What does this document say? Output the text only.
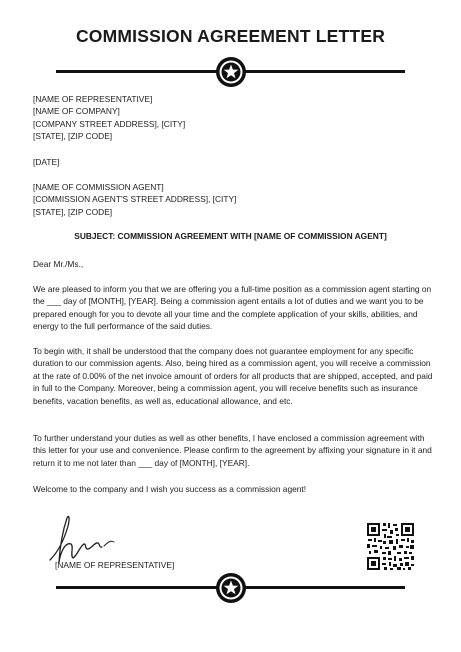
COMMISSION AGREEMENT LETTER

[NAME OF REPRESENTATIVE]

[NAME OF COMPANY]

[COMPANY STREET ADDRESS], [CITY]

[STATE], [ZIP CODE]

[DATE]

[NAME OF COMMISSION AGENT]

[COMMISSION AGENT'S STREET ADDRESS], [CITY]

[STATE], [ZIP CODE]

SUBJECT: COMMISSION AGREEMENT WITH [NAME OF COMMISSION AGENT]
Dear Mr./Ms.,

We are pleased to inform you that we are offering you a full-time position as a commission agent starting on the ___ day of [MONTH], [YEAR]. Being a commission agent entails a lot of duties and we want you to be prepared enough for you to devote all your time and the complete application of your skills, abilities, and energy to the full performance of the said duties.

To begin with, it shall be understood that the company does not guarantee employment for any specific duration to our commission agents. Also, being hired as a commission agent, you will receive a commission at the rate of 0.00% of the net invoice amount of orders for all products that are shipped, accepted, and paid in full to the Company. Moreover, being a commission agent, you will receive benefits such as insurance benefits, vacation benefits, as well as, educational allowance, and etc.

To further understand your duties as well as other benefits, I have enclosed a commission agreement with this letter for your use and convenience. Please confirm to the agreement by affixing your signature in it and return it to me not later than ___ day of [MONTH], [YEAR].

Welcome to the company and I wish you success as a commission agent!

[NAME OF REPRESENTATIVE]
